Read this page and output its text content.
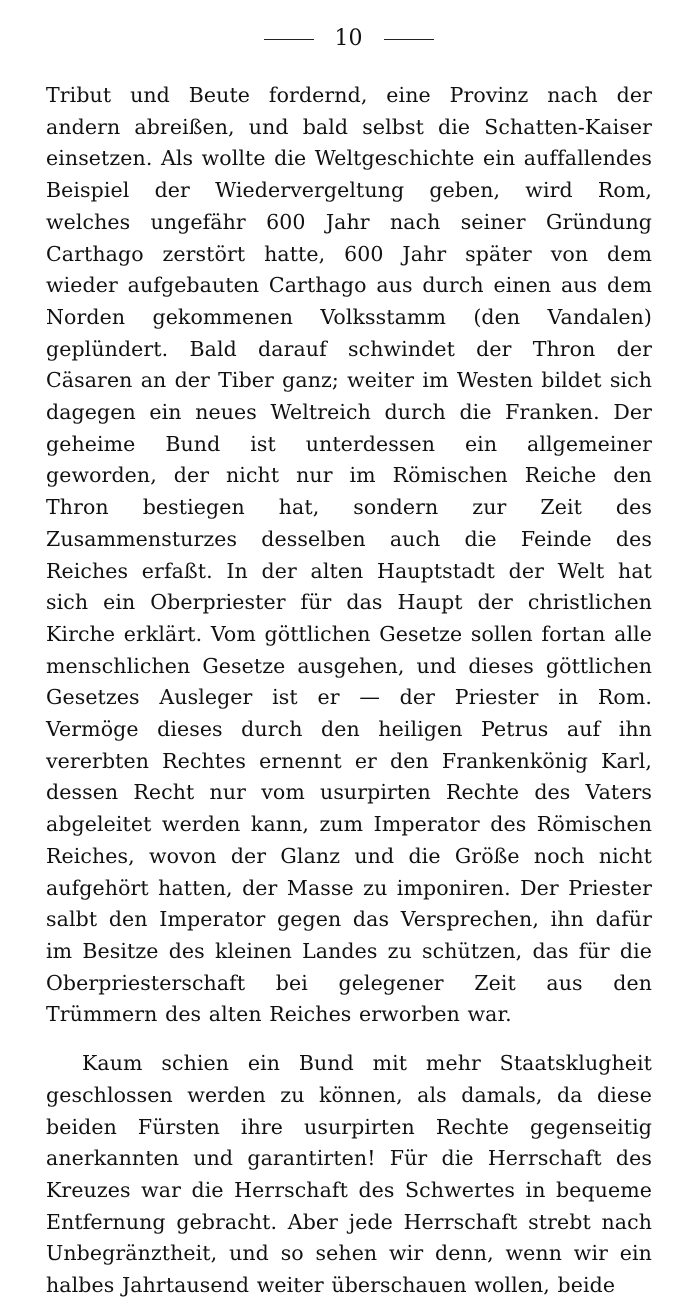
10

Tribut und Beute fordernd, eine Provinz nach der andern abreißen, und bald selbst die Schatten-Kaiser einsetzen. Als wollte die Weltgeschichte ein auffallendes Beispiel der Wiedervergeltung geben, wird Rom, welches ungefähr 600 Jahr nach seiner Gründung Carthago zerstört hatte, 600 Jahr später von dem wieder aufgebauten Carthago aus durch einen aus dem Norden gekommenen Volksstamm (den Vandalen) geplündert. Bald darauf schwindet der Thron der Cäsaren an der Tiber ganz; weiter im Westen bildet sich dagegen ein neues Weltreich durch die Franken. Der geheime Bund ist unterdessen ein allgemeiner geworden, der nicht nur im Römischen Reiche den Thron bestiegen hat, sondern zur Zeit des Zusammensturzes desselben auch die Feinde des Reiches erfaßt. In der alten Hauptstadt der Welt hat sich ein Oberpriester für das Haupt der christlichen Kirche erklärt. Vom göttlichen Gesetze sollen fortan alle menschlichen Gesetze ausgehen, und dieses göttlichen Gesetzes Ausleger ist er — der Priester in Rom. Vermöge dieses durch den heiligen Petrus auf ihn vererbten Rechtes ernennt er den Frankenkönig Karl, dessen Recht nur vom usurpirten Rechte des Vaters abgeleitet werden kann, zum Imperator des Römischen Reiches, wovon der Glanz und die Größe noch nicht aufgehört hatten, der Masse zu imponiren. Der Priester salbt den Imperator gegen das Versprechen, ihn dafür im Besitze des kleinen Landes zu schützen, das für die Oberpriesterschaft bei gelegener Zeit aus den Trümmern des alten Reiches erworben war.

Kaum schien ein Bund mit mehr Staatsklugheit geschlossen werden zu können, als damals, da diese beiden Fürsten ihre usurpirten Rechte gegenseitig anerkannten und garantirten! Für die Herrschaft des Kreuzes war die Herrschaft des Schwertes in bequeme Entfernung gebracht. Aber jede Herrschaft strebt nach Unbegränztheit, und so sehen wir denn, wenn wir ein halbes Jahrtausend weiter überschauen wollen, beide
